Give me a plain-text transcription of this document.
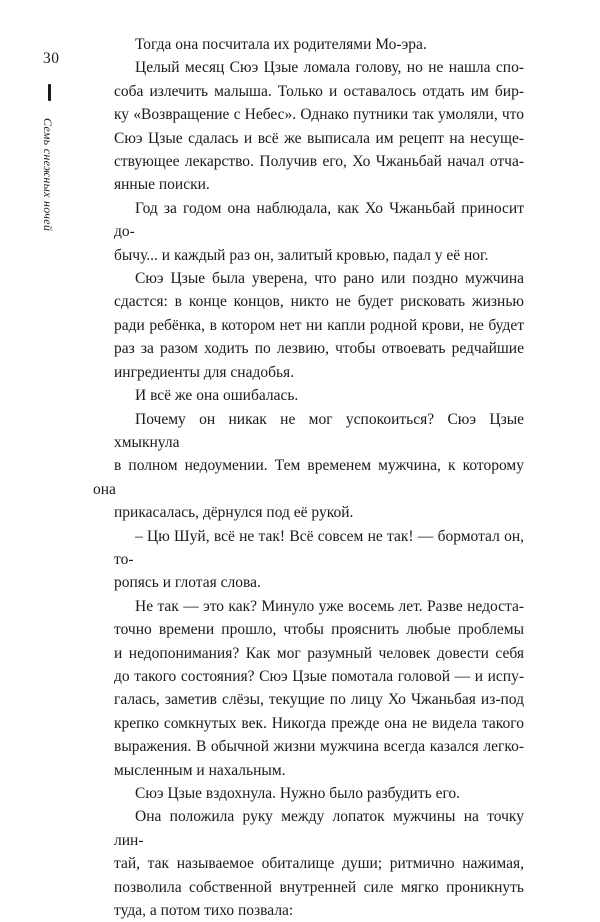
30
Семь снежных ночей

Тогда она посчитала их родителями Мо-эра.

Целый месяц Сюэ Цзые ломала голову, но не нашла спо-
соба излечить малыша. Только и оставалось отдать им бир-
ку «Возвращение с Небес». Однако путники так умоляли, что
Сюэ Цзые сдалась и всё же выписала им рецепт на несуще-
ствующее лекарство. Получив его, Хо Чжаньбай начал отча-
янные поиски.

Год за годом она наблюдала, как Хо Чжаньбай приносит до-
бычу... и каждый раз он, залитый кровью, падал у её ног.

Сюэ Цзые была уверена, что рано или поздно мужчина
сдастся: в конце концов, никто не будет рисковать жизнью
ради ребёнка, в котором нет ни капли родной крови, не будет
раз за разом ходить по лезвию, чтобы отвоевать редчайшие
ингредиенты для снадобья.

И всё же она ошибалась.

Почему он никак не мог успокоиться? Сюэ Цзые хмыкнула
в полном недоумении. Тем временем мужчина, к которому она
прикасалась, дёрнулся под её рукой.

– Цю Шуй, всё не так! Всё совсем не так! — бормотал он, то-
ропясь и глотая слова.

Не так — это как? Минуло уже восемь лет. Разве недоста-
точно времени прошло, чтобы прояснить любые проблемы
и недопонимания? Как мог разумный человек довести себя
до такого состояния? Сюэ Цзые помотала головой — и испу-
галась, заметив слёзы, текущие по лицу Хо Чжаньбая из-под
крепко сомкнутых век. Никогда прежде она не видела такого
выражения. В обычной жизни мужчина всегда казался легко-
мысленным и нахальным.

Сюэ Цзые вздохнула. Нужно было разбудить его.

Она положила руку между лопаток мужчины на точку лин-
тай, так называемое обиталище души; ритмично нажимая,
позволила собственной внутренней силе мягко проникнуть
туда, а потом тихо позвала:
